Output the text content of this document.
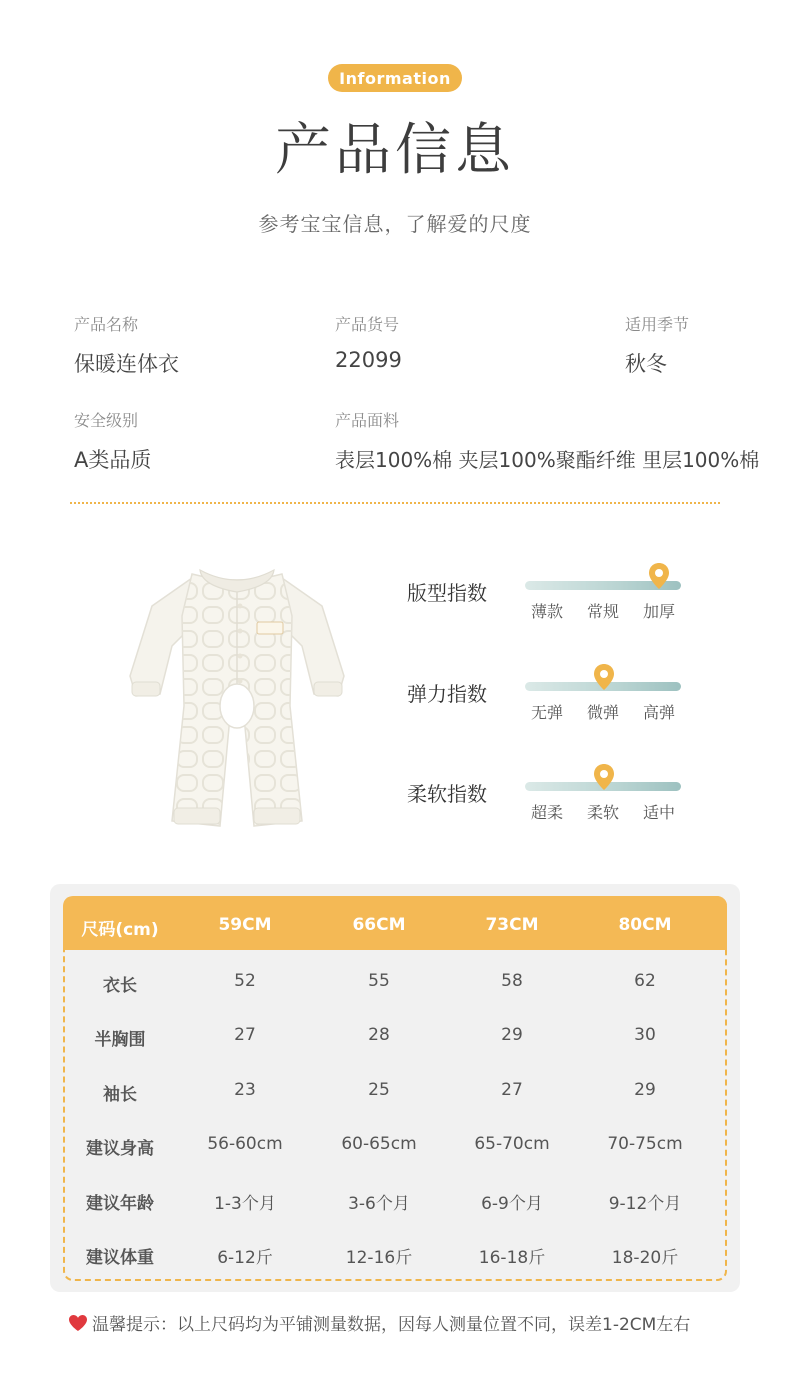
Information
产品信息
参考宝宝信息，了解爱的尺度
产品名称
保暖连体衣
产品货号
22099
适用季节
秋冬
安全级别
A类品质
产品面料
表层100%棉 夹层100%聚酯纤维 里层100%棉
版型指数
薄款	常规	加厚
弹力指数
无弹	微弹	高弹
柔软指数
超柔	柔软	适中
尺码(cm)	59CM	66CM	73CM	80CM
衣长	52	55	58	62
半胸围	27	28	29	30
袖长	23	25	27	29
建议身高	56-60cm	60-65cm	65-70cm	70-75cm
建议年龄	1-3个月	3-6个月	6-9个月	9-12个月
建议体重	6-12斤	12-16斤	16-18斤	18-20斤
温馨提示：以上尺码均为平铺测量数据，因每人测量位置不同，误差1-2CM左右
